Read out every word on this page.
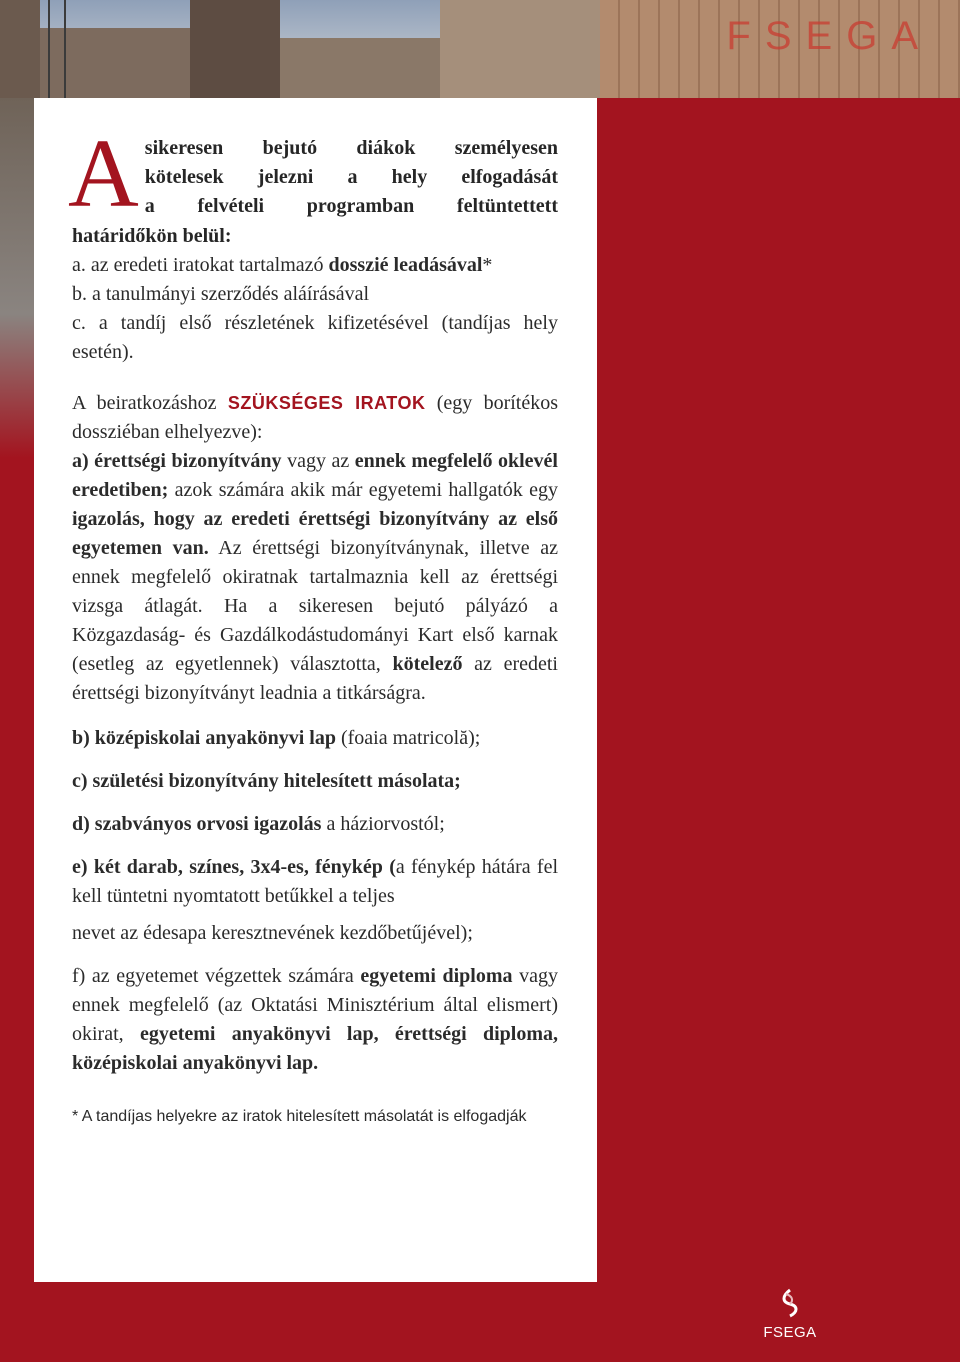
FSEGA
A sikeresen bejutó diákok személyesen
kötelesek jelezni a hely elfogadását
a felvételi programban feltüntettett
határidőkön belül:
a. az eredeti iratokat tartalmazó dosszié leadásával*
b. a tanulmányi szerződés aláírásával
c. a tandíj első részletének kifizetésével (tandíjas hely esetén).

A beiratkozáshoz SZÜKSÉGES IRATOK (egy borítékos dossziéban elhelyezve):

a) érettségi bizonyítvány vagy az ennek megfelelő oklevél eredetiben; azok számára akik már egyetemi hallgatók egy igazolás, hogy az eredeti érettségi bizonyítvány az első egyetemen van. Az érettségi bizonyítványnak, illetve az ennek megfelelő okiratnak tartalmaznia kell az érettségi vizsga átlagát. Ha a sikeresen bejutó pályázó a Közgazdaság- és Gazdálkodástudományi Kart első karnak (esetleg az egyetlennek) választotta, kötelező az eredeti érettségi bizonyítványt leadnia a titkárságra.

b) középiskolai anyakönyvi lap (foaia matricolă);

c) születési bizonyítvány hitelesített másolata;

d) szabványos orvosi igazolás a háziorvostól;

e) két darab, színes, 3x4-es, fénykép (a fénykép hátára fel kell tüntetni nyomtatott betűkkel a teljes

nevet az édesapa keresztnevének kezdőbetűjével);

f) az egyetemet végzettek számára egyetemi diploma vagy ennek megfelelő (az Oktatási Minisztérium által elismert) okirat, egyetemi anyakönyvi lap, érettségi diploma, középiskolai anyakönyvi lap.

* A tandíjas helyekre az iratok hitelesített másolatát is elfogadják
FSEGA
